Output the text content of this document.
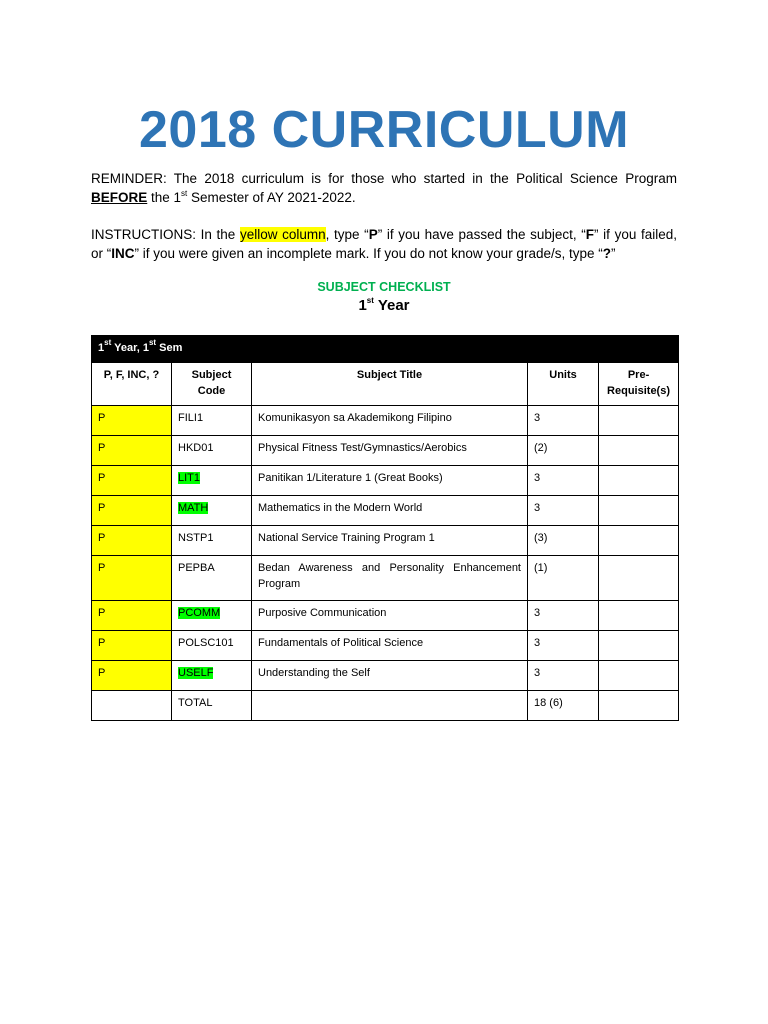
2018 CURRICULUM

REMINDER: The 2018 curriculum is for those who started in the Political Science Program
BEFORE the 1st Semester of AY 2021-2022.

INSTRUCTIONS: In the yellow column, type “P” if you have passed the subject, “F” if you failed,
or “INC” if you were given an incomplete mark. If you do not know your grade/s, type “?”

SUBJECT CHECKLIST

1st Year

1st Year, 1st Sem				
P, F, INC, ?	Subject Code	Subject Title	Units	Pre-Requisite(s)
P	FILI1	Komunikasyon sa Akademikong Filipino	3	
P	HKD01	Physical Fitness Test/Gymnastics/Aerobics	(2)	
P	LIT1	Panitikan 1/Literature 1 (Great Books)	3	
P	MATH	Mathematics in the Modern World	3	
P	NSTP1	National Service Training Program 1	(3)	
P	PEPBA	Bedan Awareness and Personality Enhancement Program	(1)	
P	PCOMM	Purposive Communication	3	
P	POLSC101	Fundamentals of Political Science	3	
P	USELF	Understanding the Self	3	
	TOTAL		18 (6)	
